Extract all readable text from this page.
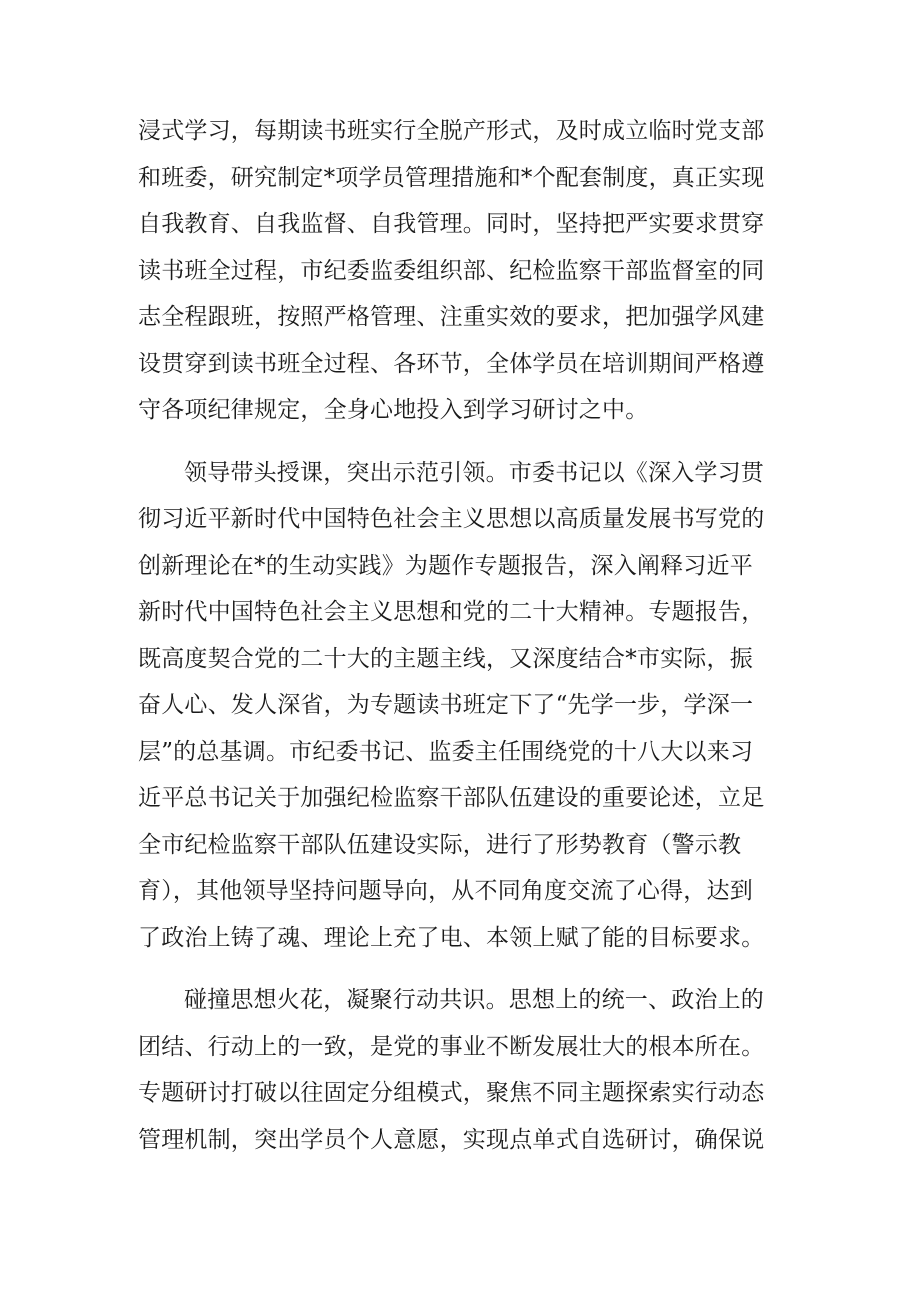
浸式学习，每期读书班实行全脱产形式，及时成立临时党支部
和班委，研究制定*项学员管理措施和*个配套制度，真正实现
自我教育、自我监督、自我管理。同时，坚持把严实要求贯穿
读书班全过程，市纪委监委组织部、纪检监察干部监督室的同
志全程跟班，按照严格管理、注重实效的要求，把加强学风建
设贯穿到读书班全过程、各环节，全体学员在培训期间严格遵
守各项纪律规定，全身心地投入到学习研讨之中。

领导带头授课，突出示范引领。市委书记以《深入学习贯
彻习近平新时代中国特色社会主义思想以高质量发展书写党的
创新理论在*的生动实践》为题作专题报告，深入阐释习近平
新时代中国特色社会主义思想和党的二十大精神。专题报告，
既高度契合党的二十大的主题主线，又深度结合*市实际，振
奋人心、发人深省，为专题读书班定下了“先学一步，学深一
层”的总基调。市纪委书记、监委主任围绕党的十八大以来习
近平总书记关于加强纪检监察干部队伍建设的重要论述，立足
全市纪检监察干部队伍建设实际，进行了形势教育（警示教
育），其他领导坚持问题导向，从不同角度交流了心得，达到
了政治上铸了魂、理论上充了电、本领上赋了能的目标要求。

碰撞思想火花，凝聚行动共识。思想上的统一、政治上的
团结、行动上的一致，是党的事业不断发展壮大的根本所在。
专题研讨打破以往固定分组模式，聚焦不同主题探索实行动态
管理机制，突出学员个人意愿，实现点单式自选研讨，确保说
